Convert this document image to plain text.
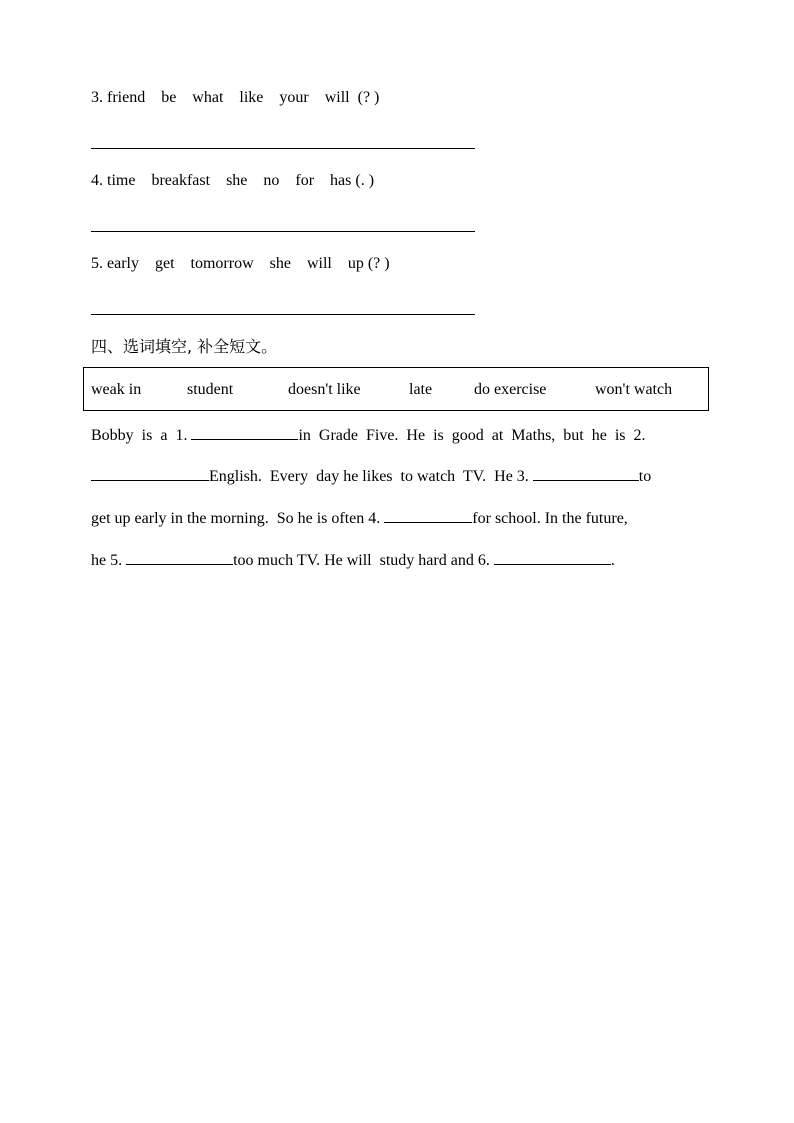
3. friend    be    what    like    your    will  (? )
4. time    breakfast    she    no    for    has (. )
5. early    get    tomorrow    she    will    up (? )
四、选词填空, 补全短文。
weak in	student	doesn't like	late	do exercise	won't watch
Bobby  is  a  1.	in  Grade  Five.  He  is  good  at  Maths,  but  he  is  2.
English.  Every  day he likes  to watch  TV.  He 3.	to
get up early in the morning.  So he is often 4.	for school. In the future,
he 5.	too much TV. He will  study hard and 6.	.
